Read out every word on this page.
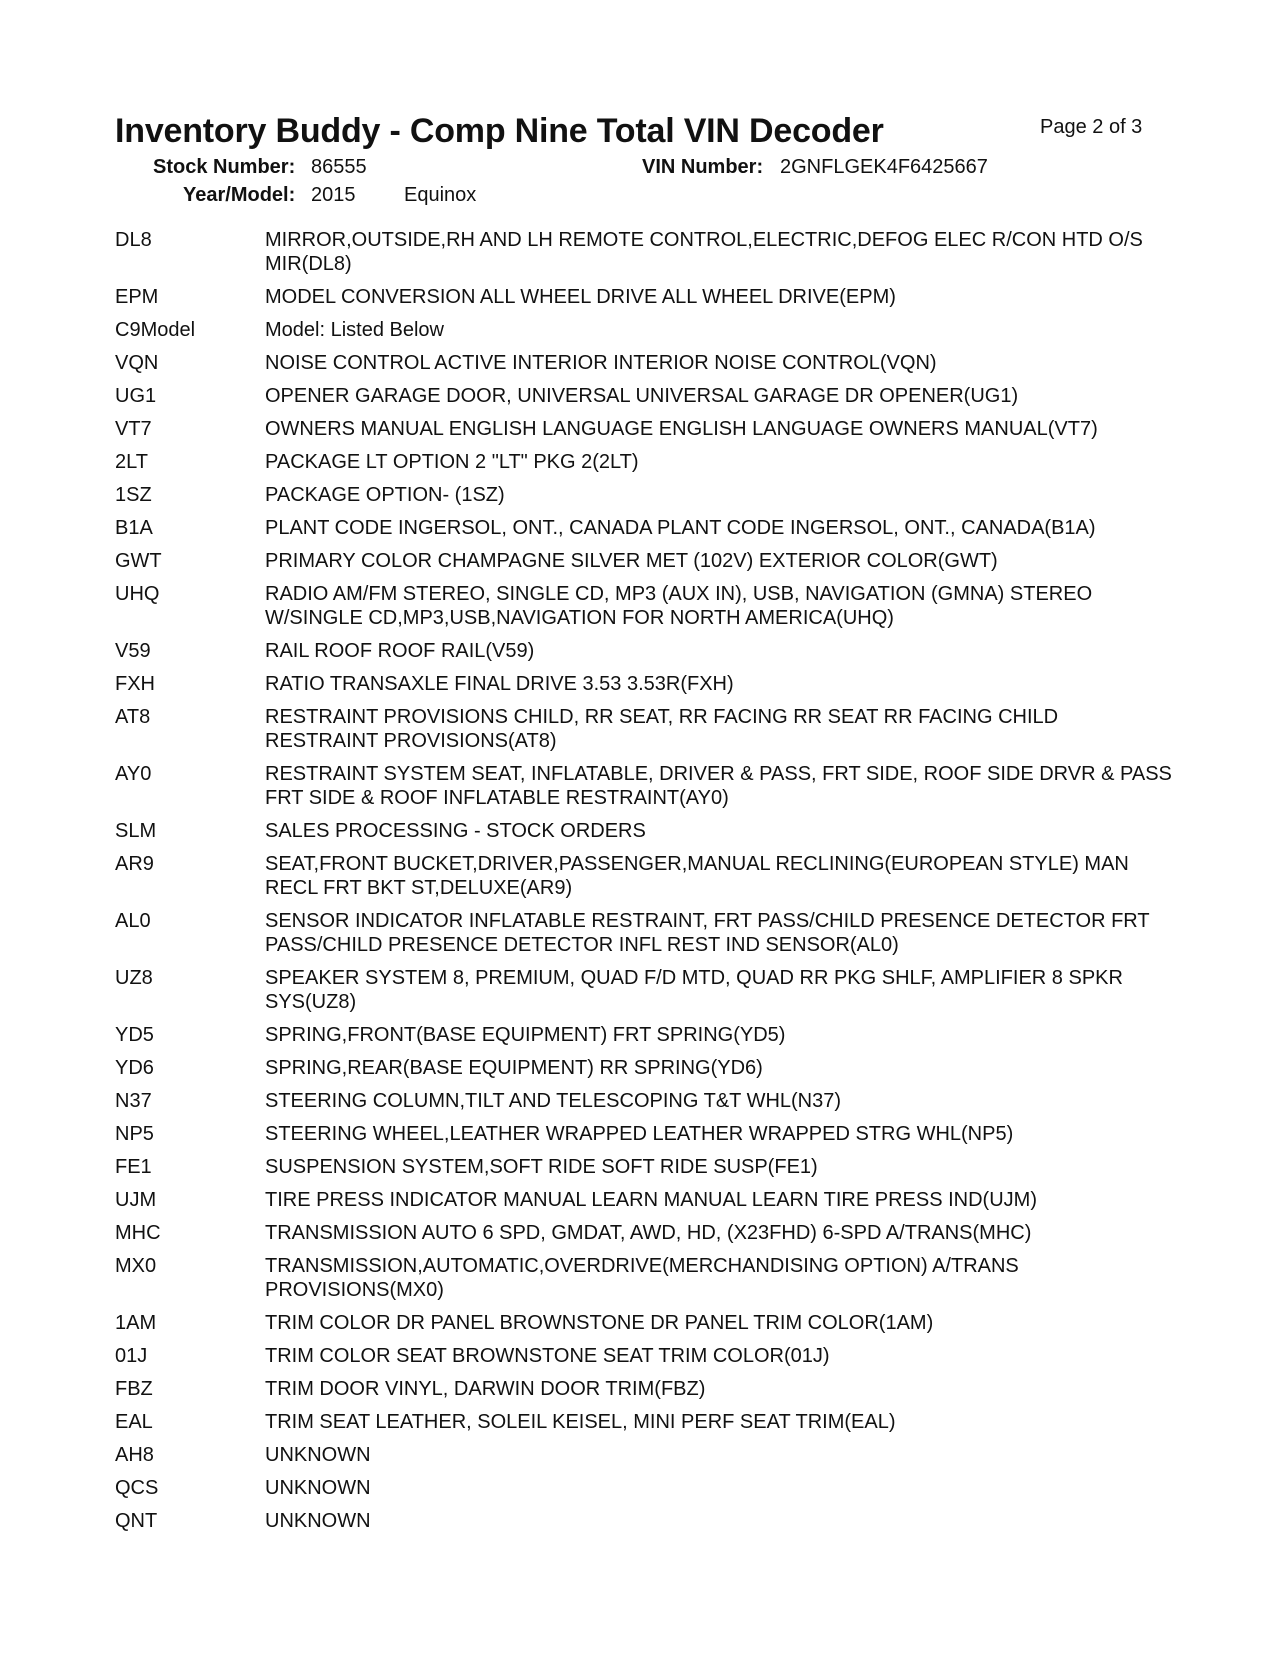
Inventory Buddy - Comp Nine Total VIN Decoder	Page 2 of 3
Stock Number: 86555	VIN Number: 2GNFLGEK4F6425667
Year/Model: 2015 Equinox
DL8	MIRROR,OUTSIDE,RH AND LH REMOTE CONTROL,ELECTRIC,DEFOG ELEC R/CON HTD O/S MIR(DL8)
EPM	MODEL CONVERSION ALL WHEEL DRIVE ALL WHEEL DRIVE(EPM)
C9Model	Model: Listed Below
VQN	NOISE CONTROL ACTIVE INTERIOR INTERIOR NOISE CONTROL(VQN)
UG1	OPENER GARAGE DOOR, UNIVERSAL UNIVERSAL GARAGE DR OPENER(UG1)
VT7	OWNERS MANUAL ENGLISH LANGUAGE ENGLISH LANGUAGE OWNERS MANUAL(VT7)
2LT	PACKAGE LT OPTION 2 "LT" PKG 2(2LT)
1SZ	PACKAGE OPTION- (1SZ)
B1A	PLANT CODE INGERSOL, ONT., CANADA PLANT CODE INGERSOL, ONT., CANADA(B1A)
GWT	PRIMARY COLOR CHAMPAGNE SILVER MET (102V) EXTERIOR COLOR(GWT)
UHQ	RADIO AM/FM STEREO, SINGLE CD, MP3 (AUX IN), USB, NAVIGATION (GMNA) STEREO W/SINGLE CD,MP3,USB,NAVIGATION FOR NORTH AMERICA(UHQ)
V59	RAIL ROOF ROOF RAIL(V59)
FXH	RATIO TRANSAXLE FINAL DRIVE 3.53 3.53R(FXH)
AT8	RESTRAINT PROVISIONS CHILD, RR SEAT, RR FACING RR SEAT RR FACING CHILD RESTRAINT PROVISIONS(AT8)
AY0	RESTRAINT SYSTEM SEAT, INFLATABLE, DRIVER & PASS, FRT SIDE, ROOF SIDE DRVR & PASS FRT SIDE & ROOF INFLATABLE RESTRAINT(AY0)
SLM	SALES PROCESSING - STOCK ORDERS
AR9	SEAT,FRONT BUCKET,DRIVER,PASSENGER,MANUAL RECLINING(EUROPEAN STYLE) MAN RECL FRT BKT ST,DELUXE(AR9)
AL0	SENSOR INDICATOR INFLATABLE RESTRAINT, FRT PASS/CHILD PRESENCE DETECTOR FRT PASS/CHILD PRESENCE DETECTOR INFL REST IND SENSOR(AL0)
UZ8	SPEAKER SYSTEM 8, PREMIUM, QUAD F/D MTD, QUAD RR PKG SHLF, AMPLIFIER 8 SPKR SYS(UZ8)
YD5	SPRING,FRONT(BASE EQUIPMENT) FRT SPRING(YD5)
YD6	SPRING,REAR(BASE EQUIPMENT) RR SPRING(YD6)
N37	STEERING COLUMN,TILT AND TELESCOPING T&T WHL(N37)
NP5	STEERING WHEEL,LEATHER WRAPPED LEATHER WRAPPED STRG WHL(NP5)
FE1	SUSPENSION SYSTEM,SOFT RIDE SOFT RIDE SUSP(FE1)
UJM	TIRE PRESS INDICATOR MANUAL LEARN MANUAL LEARN TIRE PRESS IND(UJM)
MHC	TRANSMISSION AUTO 6 SPD, GMDAT, AWD, HD, (X23FHD) 6-SPD A/TRANS(MHC)
MX0	TRANSMISSION,AUTOMATIC,OVERDRIVE(MERCHANDISING OPTION) A/TRANS PROVISIONS(MX0)
1AM	TRIM COLOR DR PANEL BROWNSTONE DR PANEL TRIM COLOR(1AM)
01J	TRIM COLOR SEAT BROWNSTONE SEAT TRIM COLOR(01J)
FBZ	TRIM DOOR VINYL, DARWIN DOOR TRIM(FBZ)
EAL	TRIM SEAT LEATHER, SOLEIL KEISEL, MINI PERF SEAT TRIM(EAL)
AH8	UNKNOWN
QCS	UNKNOWN
QNT	UNKNOWN
